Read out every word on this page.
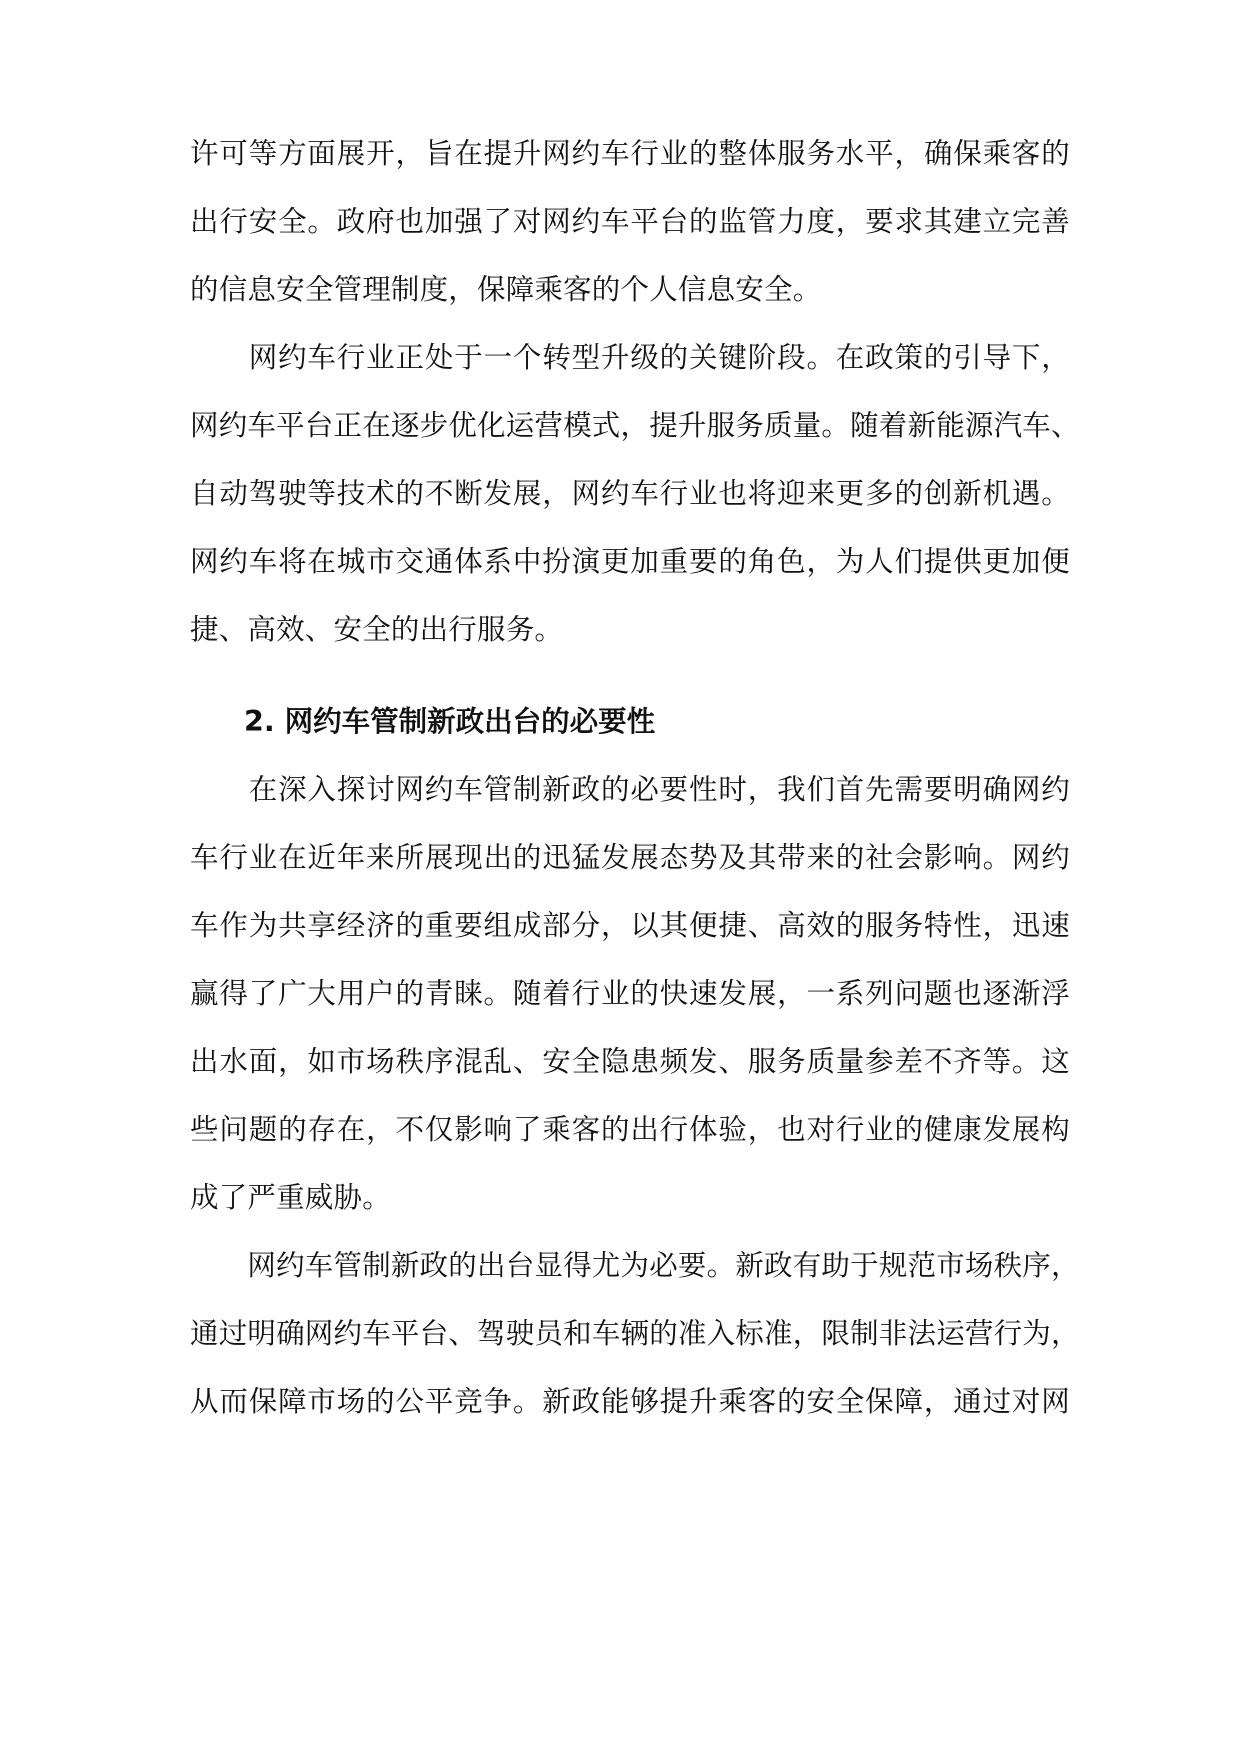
许可等方面展开，旨在提升网约车行业的整体服务水平，确保乘客的
出行安全。政府也加强了对网约车平台的监管力度，要求其建立完善
的信息安全管理制度，保障乘客的个人信息安全。
　　网约车行业正处于一个转型升级的关键阶段。在政策的引导下，
网约车平台正在逐步优化运营模式，提升服务质量。随着新能源汽车、
自动驾驶等技术的不断发展，网约车行业也将迎来更多的创新机遇。
网约车将在城市交通体系中扮演更加重要的角色，为人们提供更加便
捷、高效、安全的出行服务。
2. 网约车管制新政出台的必要性
　　在深入探讨网约车管制新政的必要性时，我们首先需要明确网约
车行业在近年来所展现出的迅猛发展态势及其带来的社会影响。网约
车作为共享经济的重要组成部分，以其便捷、高效的服务特性，迅速
赢得了广大用户的青睐。随着行业的快速发展，一系列问题也逐渐浮
出水面，如市场秩序混乱、安全隐患频发、服务质量参差不齐等。这
些问题的存在，不仅影响了乘客的出行体验，也对行业的健康发展构
成了严重威胁。
　　网约车管制新政的出台显得尤为必要。新政有助于规范市场秩序，
通过明确网约车平台、驾驶员和车辆的准入标准，限制非法运营行为，
从而保障市场的公平竞争。新政能够提升乘客的安全保障，通过对网
